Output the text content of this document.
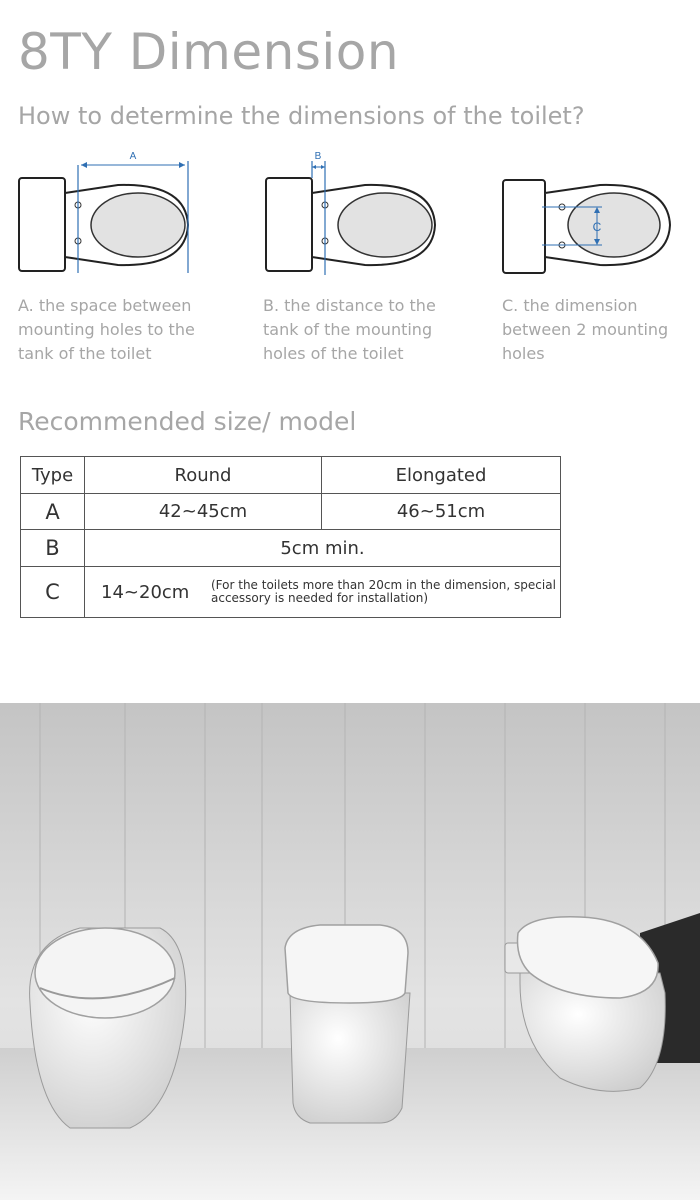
8TY Dimension
How to determine the dimensions of the toilet?
A
A. the space between mounting holes to the tank of the toilet
B
B. the distance to the tank of the mounting holes of the toilet
C
C. the dimension between 2 mounting holes
Recommended size/ model
Type	Round	Elongated
A	42~45cm	46~51cm
B	5cm min.	
C	14~20cm (For the toilets more than 20cm in the dimension, special accessory is needed for installation)	
